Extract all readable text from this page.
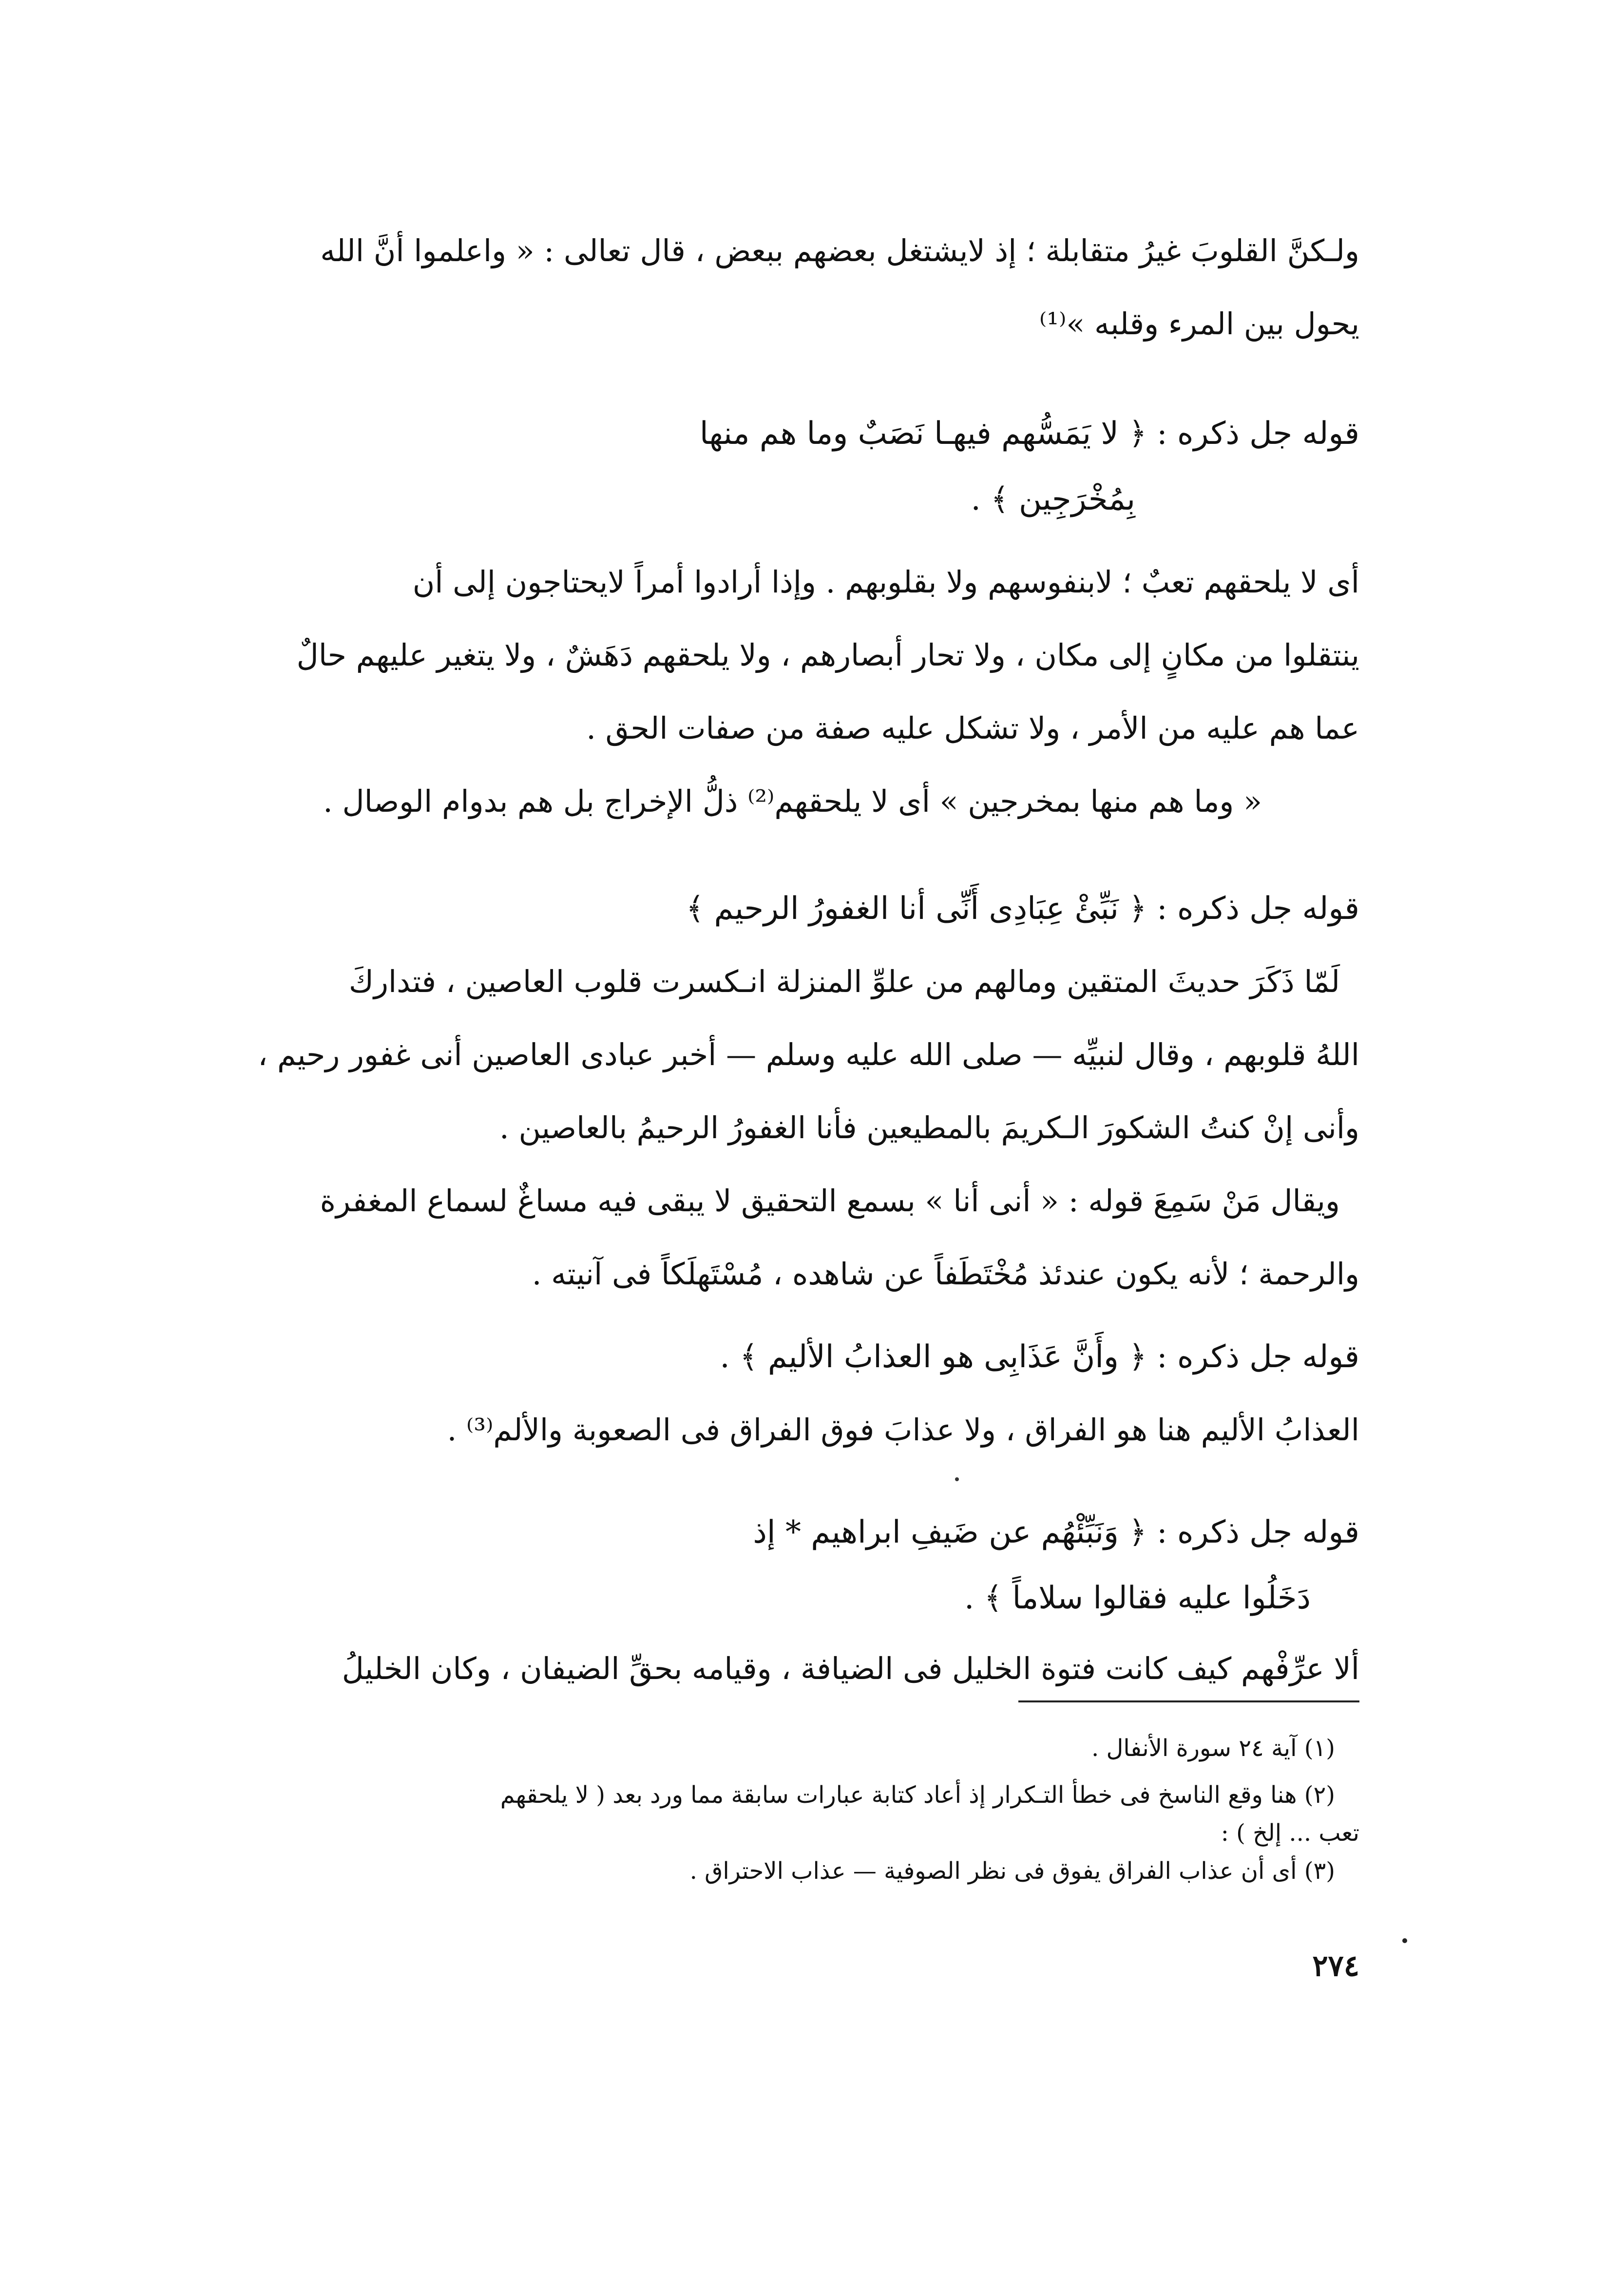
ولـكنَّ القلوبَ غيرُ متقابلة ؛ إذ لايشتغل بعضهم ببعض ، قال تعالى : « واعلموا أنَّ الله
يحول بين المرء وقلبه »⁽¹⁾
قوله جل ذكره : ﴿ لا يَمَسُّهم فيهـا نَصَبٌ وما هم منها
بِمُخْرَجِين ﴾ .
أى لا يلحقهم تعبٌ ؛ لابنفوسهم ولا بقلوبهم . وإذا أرادوا أمراً لايحتاجون إلى أن
ينتقلوا من مكانٍ إلى مكان ، ولا تحار أبصارهم ، ولا يلحقهم دَهَشٌ ، ولا يتغير عليهم حالٌ
عما هم عليه من الأمر ، ولا تشكل عليه صفة من صفات الحق .
« وما هم منها بمخرجين » أى لا يلحقهم⁽²⁾ ذلُّ الإخراج بل هم بدوام الوصال .
قوله جل ذكره : ﴿ نَبِّئْ عِبَادِى أَنِّى أنا الغفورُ الرحيم ﴾
لَمّا ذَكَرَ حديثَ المتقين ومالهم من علوِّ المنزلة انـكسرت قلوب العاصين ، فتداركَ
اللهُ قلوبهم ، وقال لنبيِّه — صلى الله عليه وسلم — أخبر عبادى العاصين أنى غفور رحيم ،
وأنى إنْ كنتُ الشكورَ الـكريمَ بالمطيعين فأنا الغفورُ الرحيمُ بالعاصين .
ويقال مَنْ سَمِعَ قوله : « أنى أنا » بسمع التحقيق لا يبقى فيه مساغٌ لسماع المغفرة
والرحمة ؛ لأنه يكون عندئذ مُخْتَطَفاً عن شاهده ، مُسْتَهلَكاً فى آنيته .
قوله جل ذكره : ﴿ وأَنَّ عَذَابِى هو العذابُ الأليم ﴾ .
العذابُ الأليم هنا هو الفراق ، ولا عذابَ فوق الفراق فى الصعوبة والألم⁽³⁾ .
قوله جل ذكره : ﴿ وَنَبِّئْهُم عن ضَيفِ ابراهيم * إذ
دَخَلُوا عليه فقالوا سلاماً ﴾ .
ألا عرِّفْهم كيف كانت فتوة الخليل فى الضيافة ، وقيامه بحقِّ الضيفان ، وكان الخليلُ
(١) آية ٢٤ سورة الأنفال .
(٢) هنا وقع الناسخ فى خطأ التـكرار إذ أعاد كتابة عبارات سابقة مما ورد بعد ( لا يلحقهم
تعب ... إلخ ) :
(٣) أى أن عذاب الفراق يفوق فى نظر الصوفية — عذاب الاحتراق .
٢٧٤
